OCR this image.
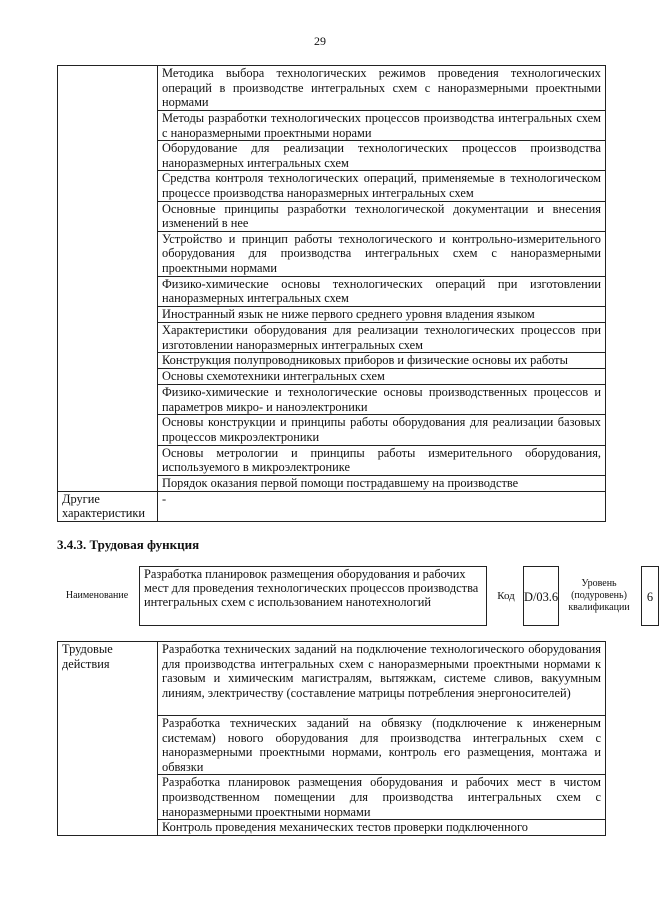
29
	Методика выбора технологических режимов проведения технологических операций в производстве интегральных схем с наноразмерными проектными нормами
	Методы разработки технологических процессов производства интегральных схем с наноразмерными проектными норами
	Оборудование для реализации технологических процессов производства наноразмерных интегральных схем
	Средства контроля технологических операций, применяемые в технологическом процессе производства наноразмерных интегральных схем
	Основные принципы разработки технологической документации и внесения изменений в нее
	Устройство и принцип работы технологического и контрольно-измерительного оборудования для производства интегральных схем с наноразмерными проектными нормами
	Физико-химические основы технологических операций при изготовлении наноразмерных интегральных схем
	Иностранный язык не ниже первого среднего уровня владения языком
	Характеристики оборудования для реализации технологических процессов при изготовлении наноразмерных интегральных схем
	Конструкция полупроводниковых приборов и физические основы их работы
	Основы схемотехники интегральных схем
	Физико-химические и технологические основы производственных процессов и параметров микро- и наноэлектроники
	Основы конструкции и принципы работы оборудования для реализации базовых процессов микроэлектроники
	Основы метрологии и принципы работы измерительного оборудования, используемого в микроэлектронике
	Порядок оказания первой помощи пострадавшему на производстве
Другие характеристики	-
3.4.3. Трудовая функция
Наименование
Разработка планировок размещения оборудования и рабочих мест для проведения технологических процессов производства интегральных схем с использованием нанотехнологий	Код D/03.6
Уровень (подуровень) квалификации
6
Трудовые действия	Разработка технических заданий на подключение технологического оборудования для производства интегральных схем с наноразмерными проектными нормами к газовым и химическим магистралям, вытяжкам, системе сливов, вакуумным линиям, электричеству (составление матрицы потребления энергоносителей)
Разработка технических заданий на обвязку (подключение к инженерным системам) нового оборудования для производства интегральных схем с наноразмерными проектными нормами, контроль его размещения, монтажа и обвязки
Разработка планировок размещения оборудования и рабочих мест в чистом производственном помещении для производства интегральных схем с наноразмерными проектными нормами
Контроль проведения механических тестов проверки подключенного
